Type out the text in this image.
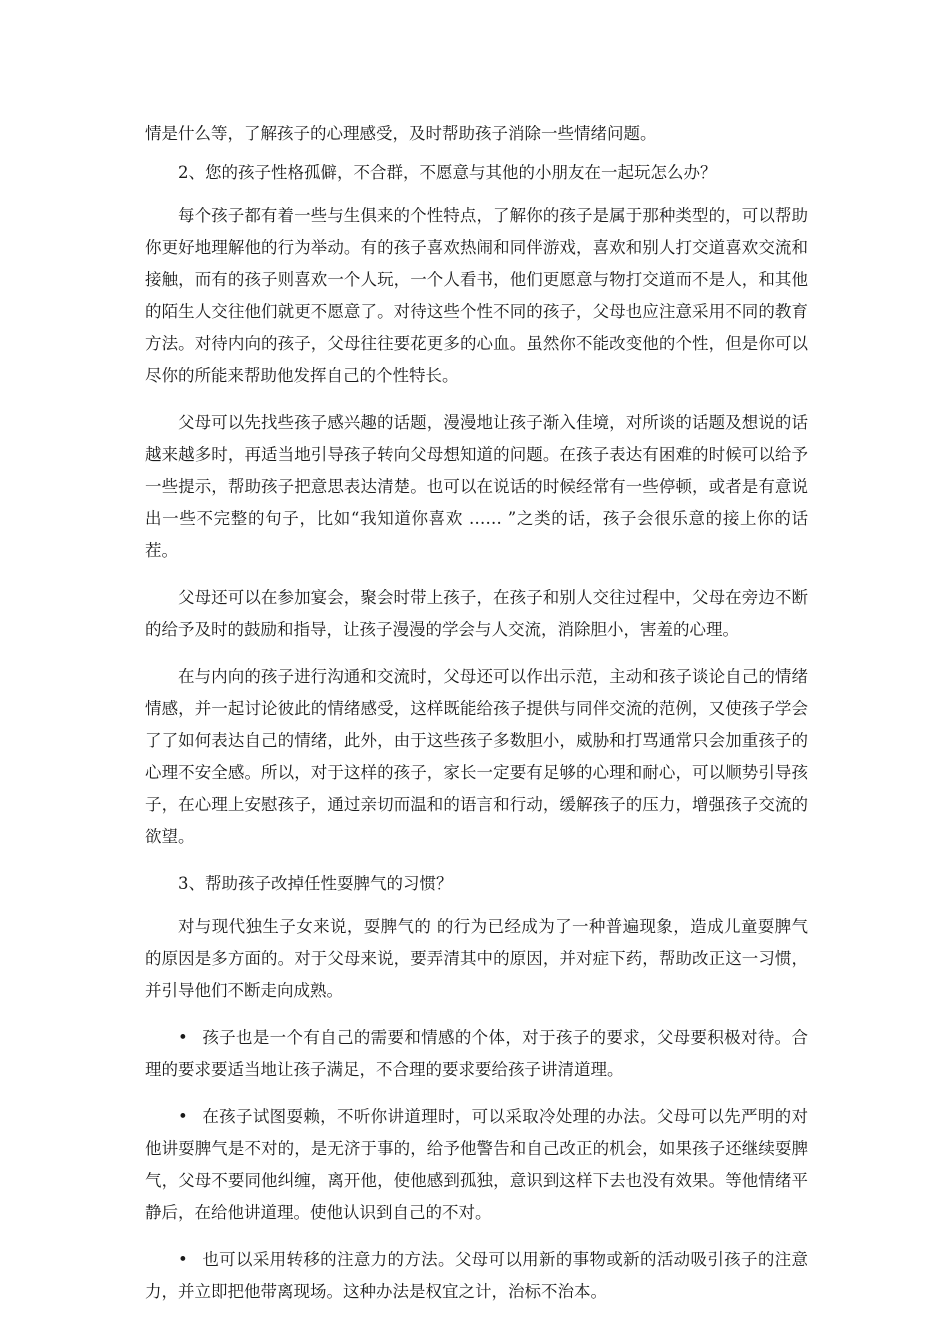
情是什么等，了解孩子的心理感受，及时帮助孩子消除一些情绪问题。

2、您的孩子性格孤僻，不合群，不愿意与其他的小朋友在一起玩怎么办？

每个孩子都有着一些与生俱来的个性特点，了解你的孩子是属于那种类型的，可以帮助你更好地理解他的行为举动。有的孩子喜欢热闹和同伴游戏，喜欢和别人打交道喜欢交流和接触，而有的孩子则喜欢一个人玩，一个人看书，他们更愿意与物打交道而不是人，和其他的陌生人交往他们就更不愿意了。对待这些个性不同的孩子，父母也应注意采用不同的教育方法。对待内向的孩子，父母往往要花更多的心血。虽然你不能改变他的个性，但是你可以尽你的所能来帮助他发挥自己的个性特长。

父母可以先找些孩子感兴趣的话题，漫漫地让孩子渐入佳境，对所谈的话题及想说的话越来越多时，再适当地引导孩子转向父母想知道的问题。在孩子表达有困难的时候可以给予一些提示，帮助孩子把意思表达清楚。也可以在说话的时候经常有一些停顿，或者是有意说出一些不完整的句子，比如“我知道你喜欢 …… ”之类的话，孩子会很乐意的接上你的话茬。

父母还可以在参加宴会，聚会时带上孩子，在孩子和别人交往过程中，父母在旁边不断的给予及时的鼓励和指导，让孩子漫漫的学会与人交流，消除胆小，害羞的心理。

在与内向的孩子进行沟通和交流时，父母还可以作出示范，主动和孩子谈论自己的情绪情感，并一起讨论彼此的情绪感受，这样既能给孩子提供与同伴交流的范例，又使孩子学会了了如何表达自己的情绪，此外，由于这些孩子多数胆小，威胁和打骂通常只会加重孩子的心理不安全感。所以，对于这样的孩子，家长一定要有足够的心理和耐心，可以顺势引导孩子，在心理上安慰孩子，通过亲切而温和的语言和行动，缓解孩子的压力，增强孩子交流的欲望。

3、帮助孩子改掉任性耍脾气的习惯？

对与现代独生子女来说，耍脾气的 的行为已经成为了一种普遍现象，造成儿童耍脾气的原因是多方面的。对于父母来说，要弄清其中的原因，并对症下药，帮助改正这一习惯，并引导他们不断走向成熟。

• 孩子也是一个有自己的需要和情感的个体，对于孩子的要求，父母要积极对待。合理的要求要适当地让孩子满足，不合理的要求要给孩子讲清道理。

• 在孩子试图耍赖，不听你讲道理时，可以采取冷处理的办法。父母可以先严明的对他讲耍脾气是不对的，是无济于事的，给予他警告和自己改正的机会，如果孩子还继续耍脾气，父母不要同他纠缠，离开他，使他感到孤独，意识到这样下去也没有效果。等他情绪平静后，在给他讲道理。使他认识到自己的不对。

• 也可以采用转移的注意力的方法。父母可以用新的事物或新的活动吸引孩子的注意力，并立即把他带离现场。这种办法是权宜之计，治标不治本。
